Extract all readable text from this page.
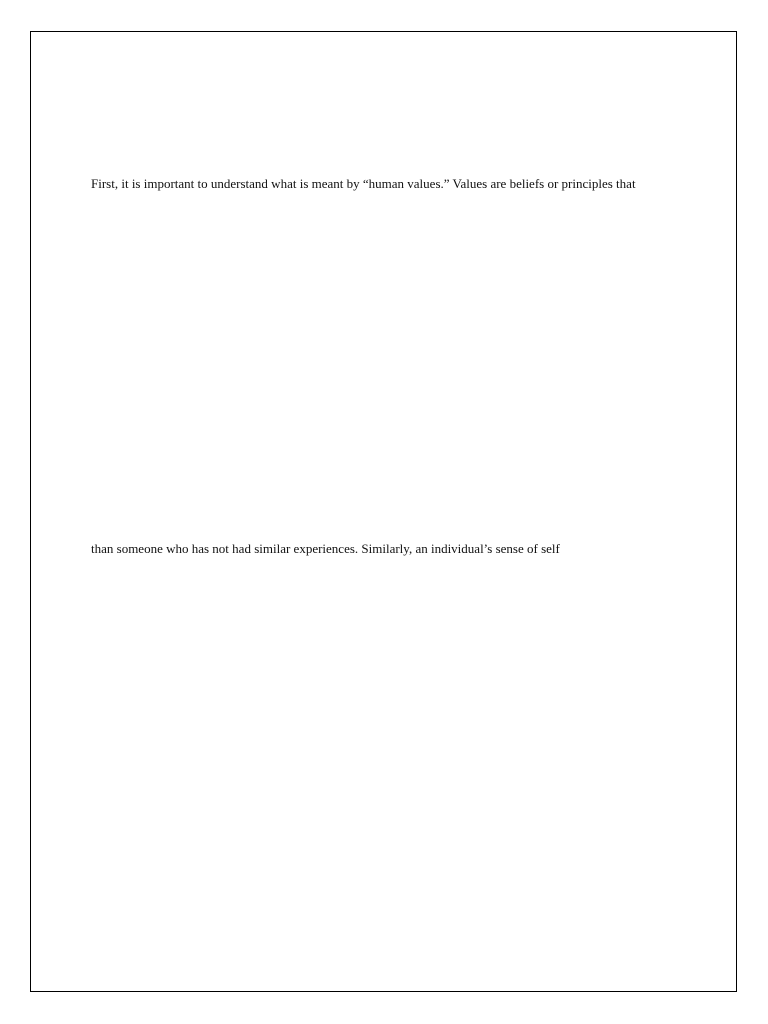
First, it is important to understand what is meant by “human values.” Values are beliefs or principles that
than someone who has not had similar experiences. Similarly, an individual’s sense of self
